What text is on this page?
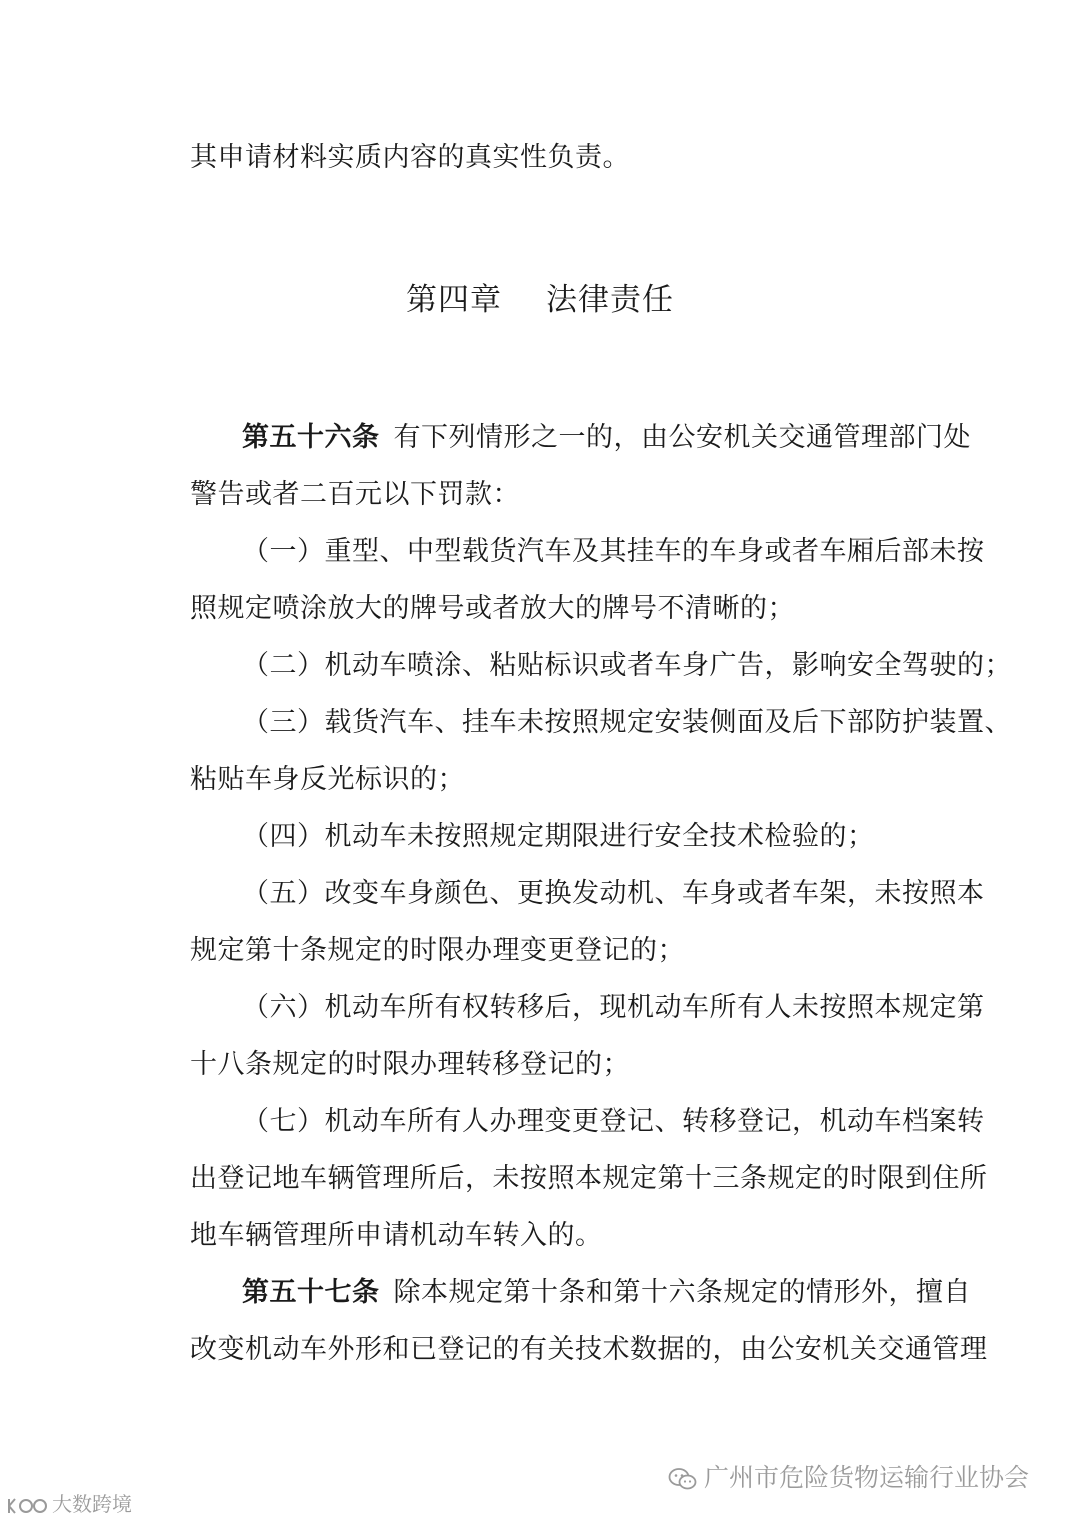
其申请材料实质内容的真实性负责。
第四章 法律责任
第五十六条  有下列情形之一的，由公安机关交通管理部门处
警告或者二百元以下罚款：
（一）重型、中型载货汽车及其挂车的车身或者车厢后部未按
照规定喷涂放大的牌号或者放大的牌号不清晰的；
（二）机动车喷涂、粘贴标识或者车身广告，影响安全驾驶的；
（三）载货汽车、挂车未按照规定安装侧面及后下部防护装置、
粘贴车身反光标识的；
（四）机动车未按照规定期限进行安全技术检验的；
（五）改变车身颜色、更换发动机、车身或者车架，未按照本
规定第十条规定的时限办理变更登记的；
（六）机动车所有权转移后，现机动车所有人未按照本规定第
十八条规定的时限办理转移登记的；
（七）机动车所有人办理变更登记、转移登记，机动车档案转
出登记地车辆管理所后，未按照本规定第十三条规定的时限到住所
地车辆管理所申请机动车转入的。
第五十七条  除本规定第十条和第十六条规定的情形外，擅自
改变机动车外形和已登记的有关技术数据的，由公安机关交通管理
广州市危险货物运输行业协会
大数跨境
